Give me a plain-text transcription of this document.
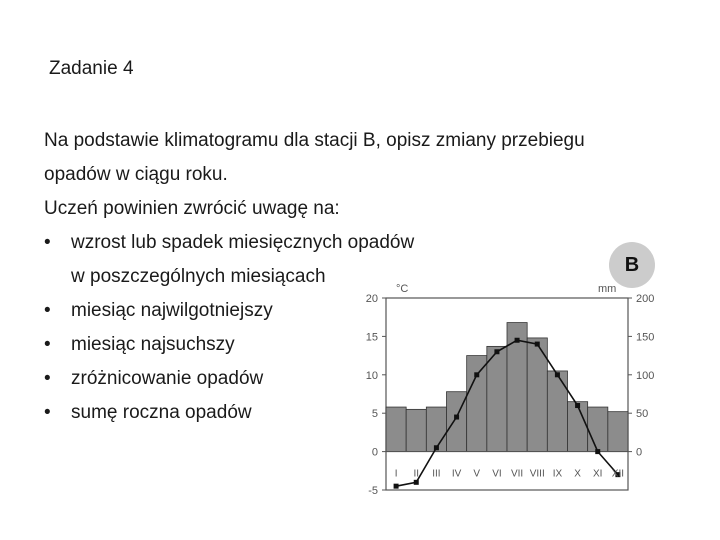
Zadanie 4

Na podstawie klimatogramu dla stacji B, opisz zmiany przebiegu

opadów w ciągu roku.

Uczeń powinien zwrócić uwagę na:

• wzrost lub spadek miesięcznych opadów
w poszczególnych miesiącach
• miesiąc najwilgotniejszy
• miesiąc najsuchszy
• zróżnicowanie opadów
• sumę roczna opadów
-5
0
5
10
15
20
0
50
100
150
200
°C	mm
I II III IV V VI VII VIII IX X XI XII
B
